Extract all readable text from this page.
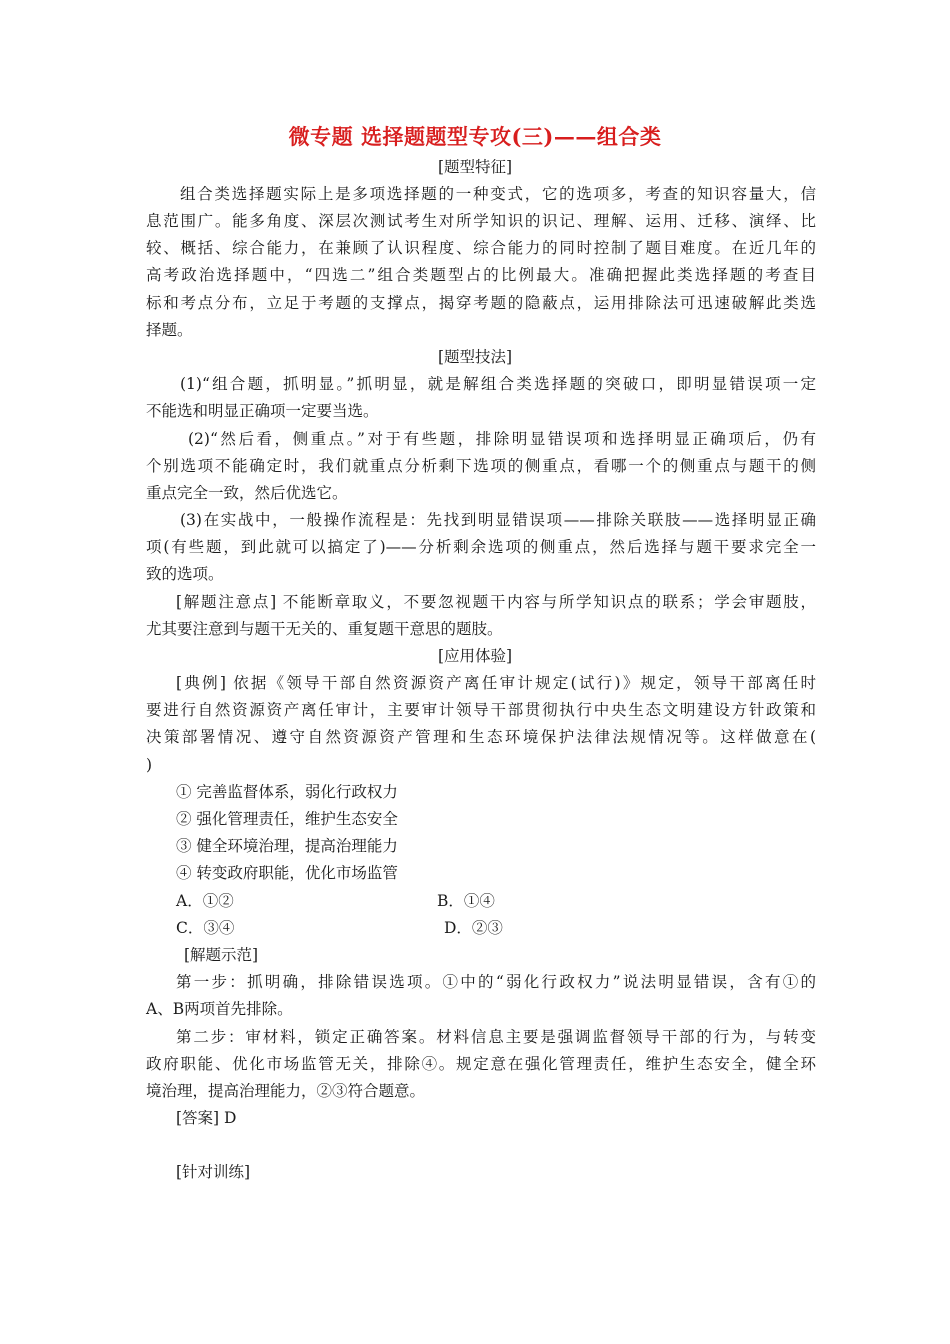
微专题 选择题题型专攻(三)——组合类
[题型特征]
组合类选择题实际上是多项选择题的一种变式，它的选项多，考查的知识容量大，信
息范围广。能多角度、深层次测试考生对所学知识的识记、理解、运用、迁移、演绎、比
较、概括、综合能力，在兼顾了认识程度、综合能力的同时控制了题目难度。在近几年的
高考政治选择题中，“四选二”组合类题型占的比例最大。准确把握此类选择题的考查目
标和考点分布，立足于考题的支撑点，揭穿考题的隐蔽点，运用排除法可迅速破解此类选
择题。
[题型技法]
(1)“组合题，抓明显。”抓明显，就是解组合类选择题的突破口，即明显错误项一定
不能选和明显正确项一定要当选。
(2)“然后看，侧重点。”对于有些题，排除明显错误项和选择明显正确项后，仍有
个别选项不能确定时，我们就重点分析剩下选项的侧重点，看哪一个的侧重点与题干的侧
重点完全一致，然后优选它。
(3)在实战中，一般操作流程是：先找到明显错误项——排除关联肢——选择明显正确
项(有些题，到此就可以搞定了)——分析剩余选项的侧重点，然后选择与题干要求完全一
致的选项。
[解题注意点] 不能断章取义，不要忽视题干内容与所学知识点的联系；学会审题肢，
尤其要注意到与题干无关的、重复题干意思的题肢。
[应用体验]
[典例] 依据《领导干部自然资源资产离任审计规定(试行)》规定，领导干部离任时
要进行自然资源资产离任审计，主要审计领导干部贯彻执行中央生态文明建设方针政策和
决策部署情况、遵守自然资源资产管理和生态环境保护法律法规情况等。这样做意在(
)
① 完善监督体系，弱化行政权力
② 强化管理责任，维护生态安全
③ 健全环境治理，提高治理能力
④ 转变政府职能，优化市场监管
A．①②	B．①④
C．③④	D．②③
[解题示范]
第一步：抓明确，排除错误选项。①中的“弱化行政权力”说法明显错误，含有①的
A、B两项首先排除。
第二步：审材料，锁定正确答案。材料信息主要是强调监督领导干部的行为，与转变
政府职能、优化市场监管无关，排除④。规定意在强化管理责任，维护生态安全，健全环
境治理，提高治理能力，②③符合题意。
[答案] D
[针对训练]
